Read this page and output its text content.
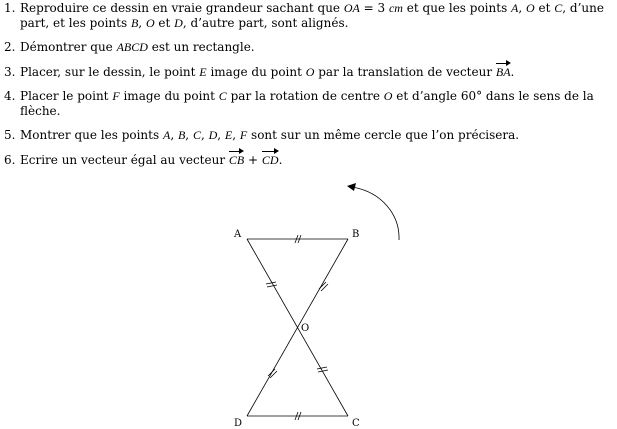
1. Reproduire ce dessin en vraie grandeur sachant que OA = 3 cm et que les points A, O et C, d’une part, et les points B, O et D, d’autre part, sont alignés.
2. Démontrer que ABCD est un rectangle.
3. Placer, sur le dessin, le point E image du point O par la translation de vecteur BA.
4. Placer le point F image du point C par la rotation de centre O et d’angle 60° dans le sens de la flèche.
5. Montrer que les points A, B, C, D, E, F sont sur un même cercle que l’on précisera.
6. Ecrire un vecteur égal au vecteur CB + CD.
A	B
O
D	C
